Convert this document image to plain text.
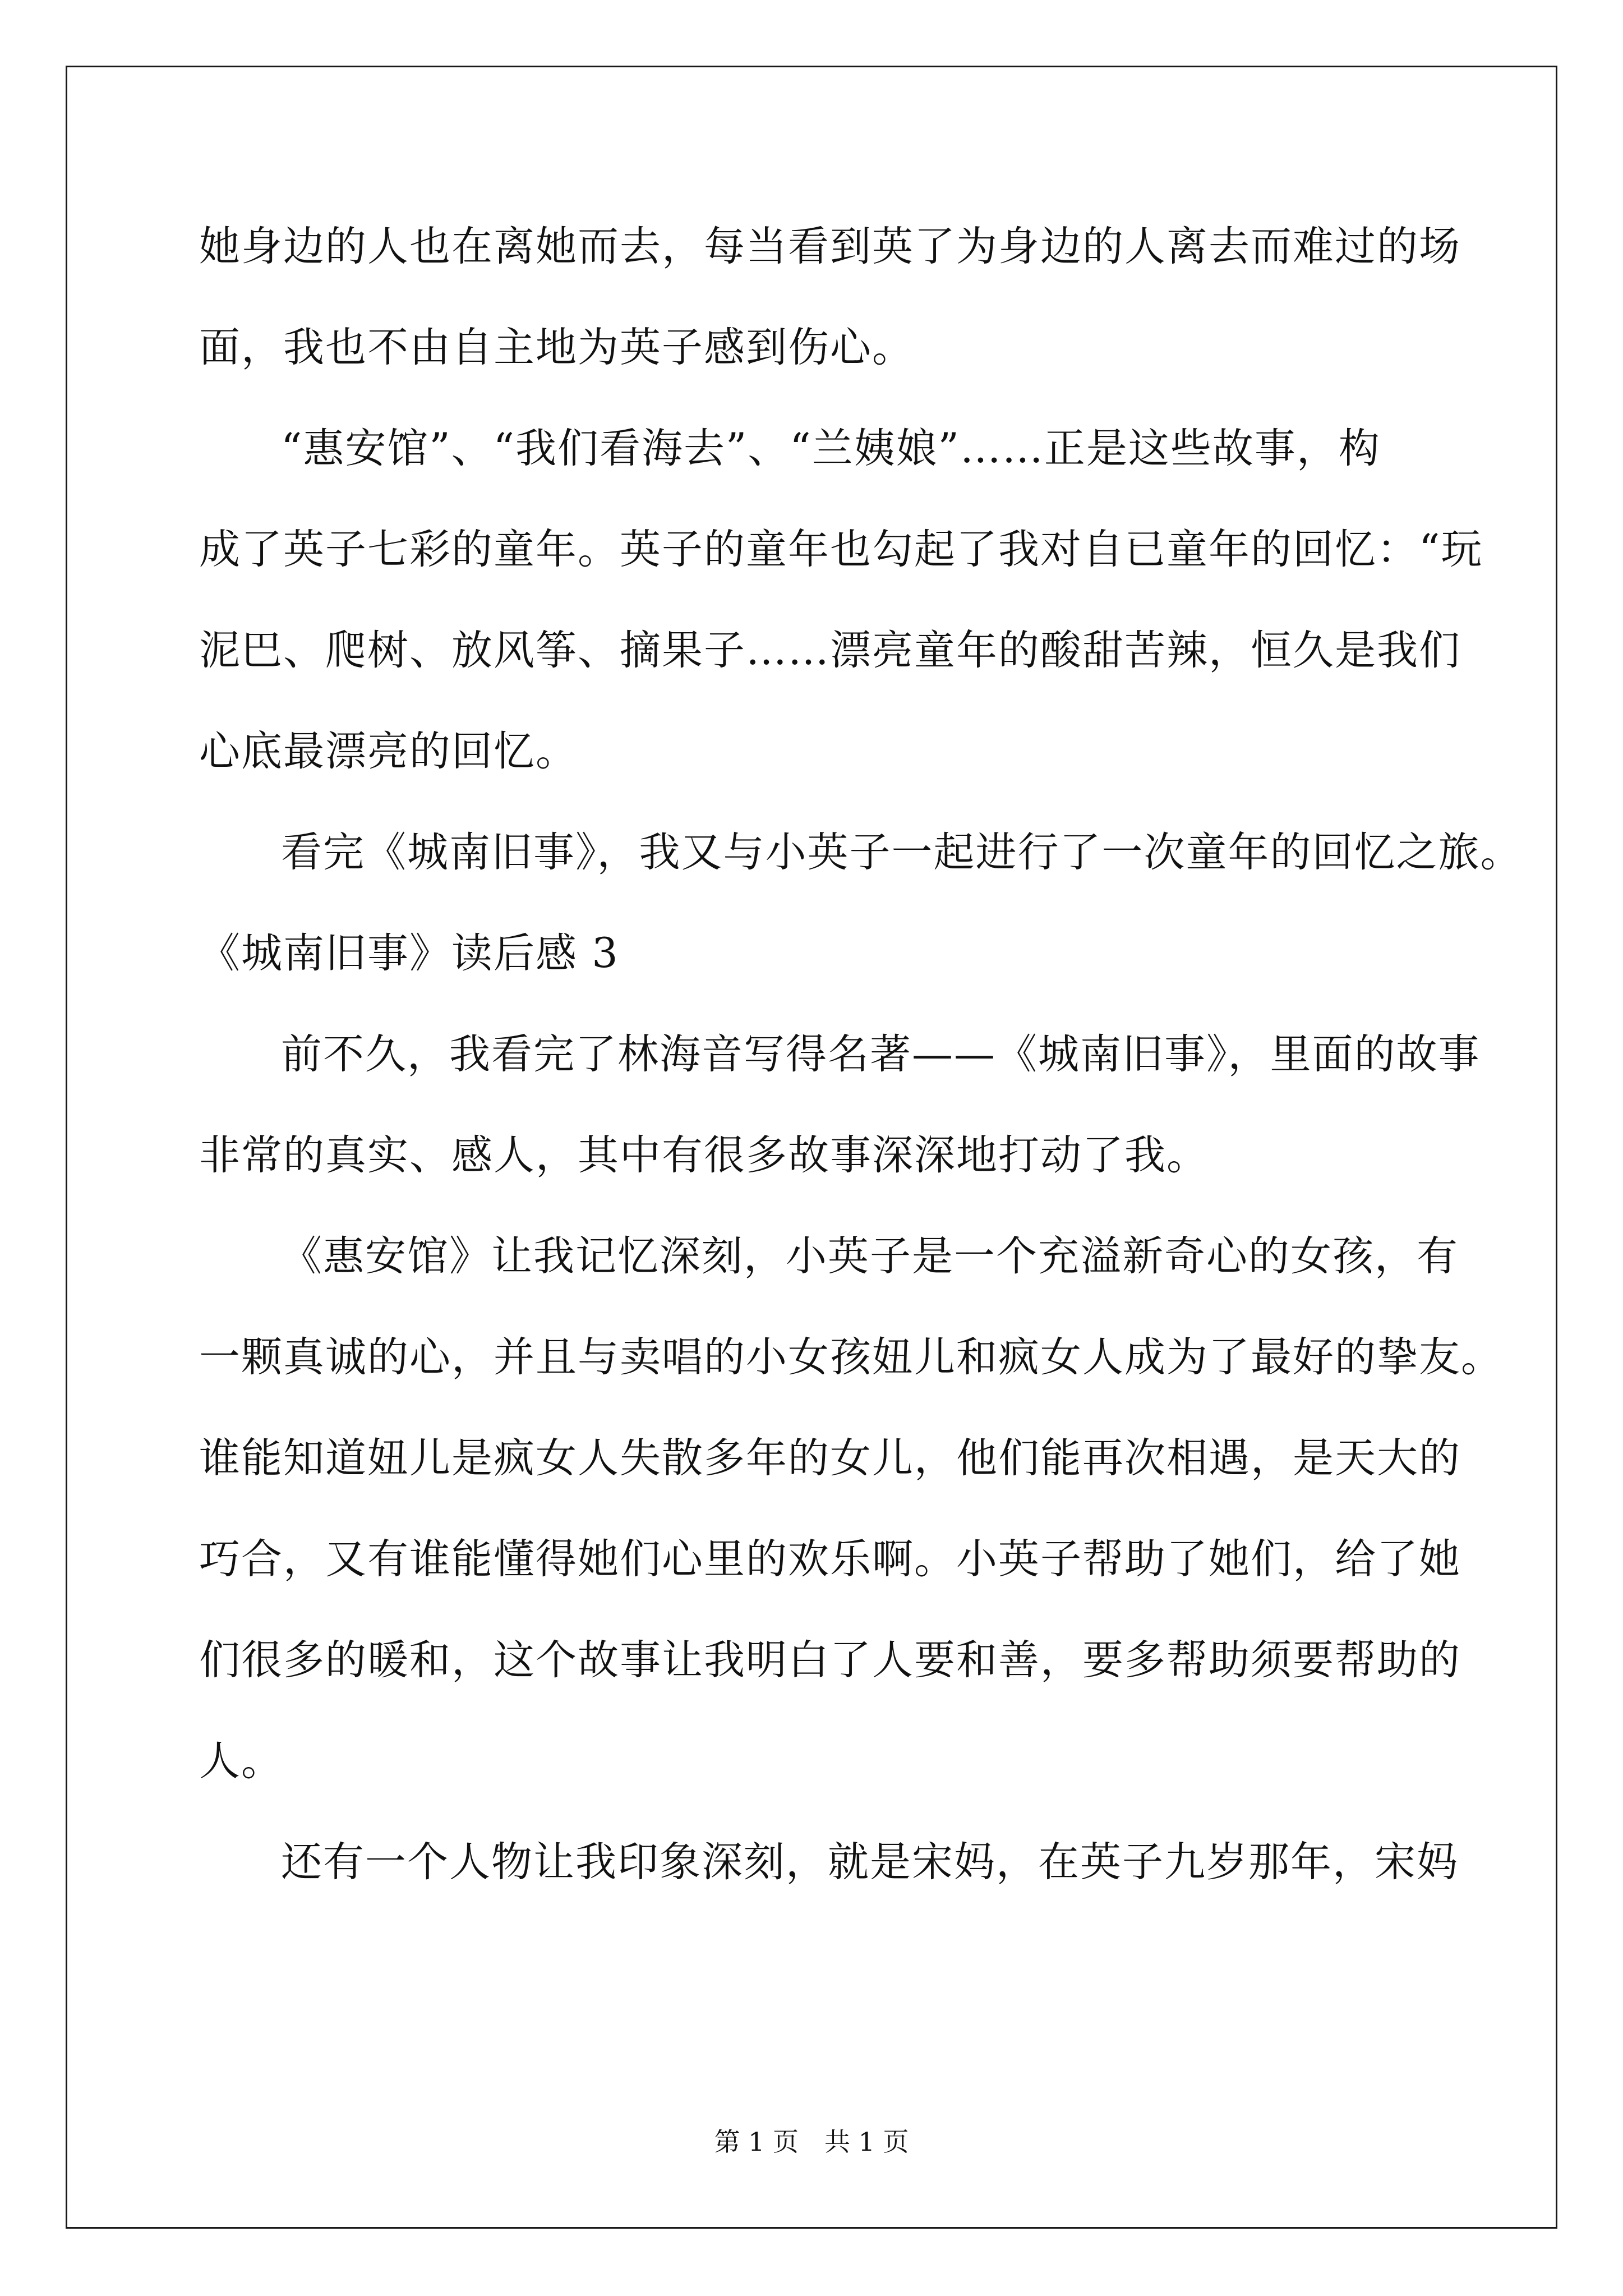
她身边的人也在离她而去，每当看到英了为身边的人离去而难过的场
面，我也不由自主地为英子感到伤心。
“惠安馆”、“我们看海去”、“兰姨娘”……正是这些故事，构
成了英子七彩的童年。英子的童年也勾起了我对自已童年的回忆：“玩
泥巴、爬树、放风筝、摘果子……漂亮童年的酸甜苦辣，恒久是我们
心底最漂亮的回忆。
看完《城南旧事》，我又与小英子一起进行了一次童年的回忆之旅。
《城南旧事》读后感 3
前不久，我看完了林海音写得名著——《城南旧事》，里面的故事
非常的真实、感人，其中有很多故事深深地打动了我。
《惠安馆》让我记忆深刻，小英子是一个充溢新奇心的女孩，有
一颗真诚的心，并且与卖唱的小女孩妞儿和疯女人成为了最好的挚友。
谁能知道妞儿是疯女人失散多年的女儿，他们能再次相遇，是天大的
巧合，又有谁能懂得她们心里的欢乐啊。小英子帮助了她们，给了她
们很多的暖和，这个故事让我明白了人要和善，要多帮助须要帮助的
人。
还有一个人物让我印象深刻，就是宋妈，在英子九岁那年，宋妈
第 1 页　共 1 页
